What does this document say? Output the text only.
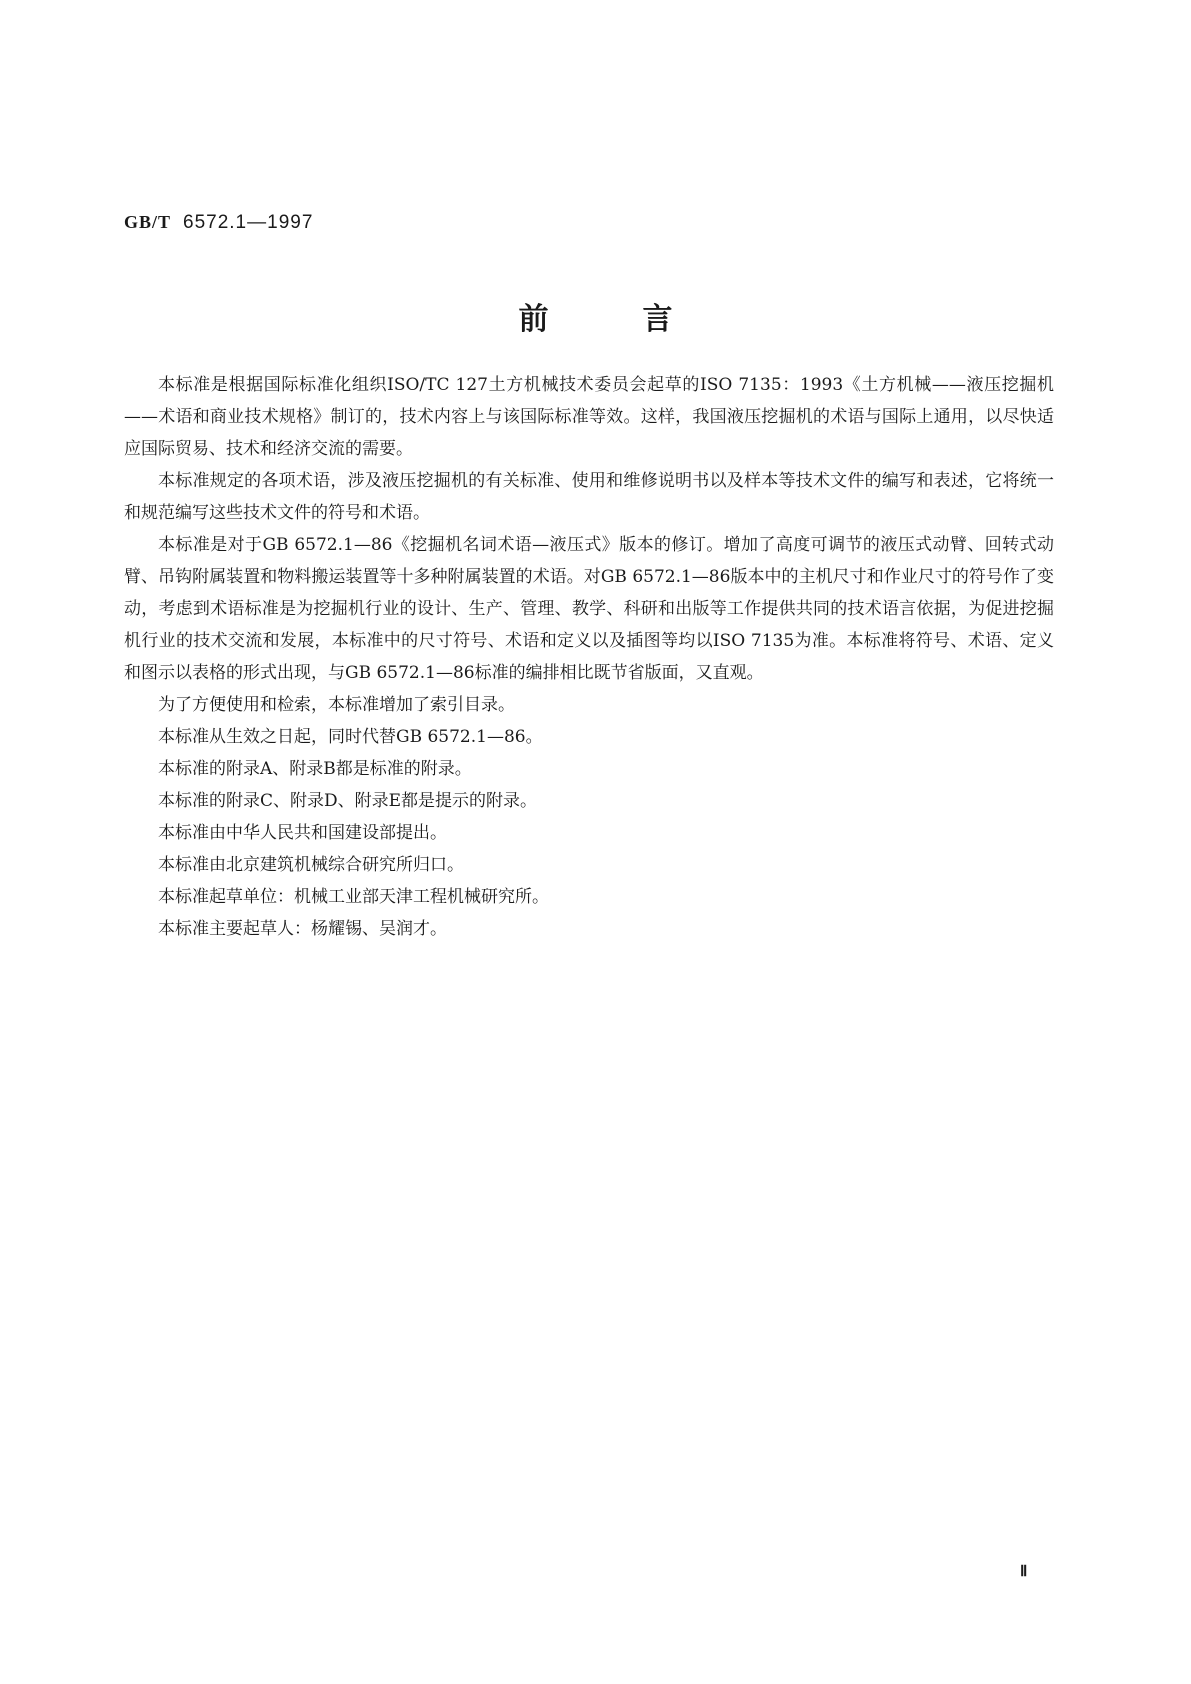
GB/T 6572.1—1997
前	言

本标准是根据国际标准化组织ISO/TC 127土方机械技术委员会起草的ISO 7135：1993《土方机械——液压挖掘机——术语和商业技术规格》制订的，技术内容上与该国际标准等效。这样，我国液压挖掘机的术语与国际上通用，以尽快适应国际贸易、技术和经济交流的需要。

本标准规定的各项术语，涉及液压挖掘机的有关标准、使用和维修说明书以及样本等技术文件的编写和表述，它将统一和规范编写这些技术文件的符号和术语。

本标准是对于GB 6572.1—86《挖掘机名词术语—液压式》版本的修订。增加了高度可调节的液压式动臂、回转式动臂、吊钩附属装置和物料搬运装置等十多种附属装置的术语。对GB 6572.1—86版本中的主机尺寸和作业尺寸的符号作了变动，考虑到术语标准是为挖掘机行业的设计、生产、管理、教学、科研和出版等工作提供共同的技术语言依据，为促进挖掘机行业的技术交流和发展，本标准中的尺寸符号、术语和定义以及插图等均以ISO 7135为准。本标准将符号、术语、定义和图示以表格的形式出现，与GB 6572.1—86标准的编排相比既节省版面，又直观。

为了方便使用和检索，本标准增加了索引目录。

本标准从生效之日起，同时代替GB 6572.1—86。

本标准的附录A、附录B都是标准的附录。

本标准的附录C、附录D、附录E都是提示的附录。

本标准由中华人民共和国建设部提出。

本标准由北京建筑机械综合研究所归口。

本标准起草单位：机械工业部天津工程机械研究所。

本标准主要起草人：杨耀锡、吴润才。

Ⅱ
